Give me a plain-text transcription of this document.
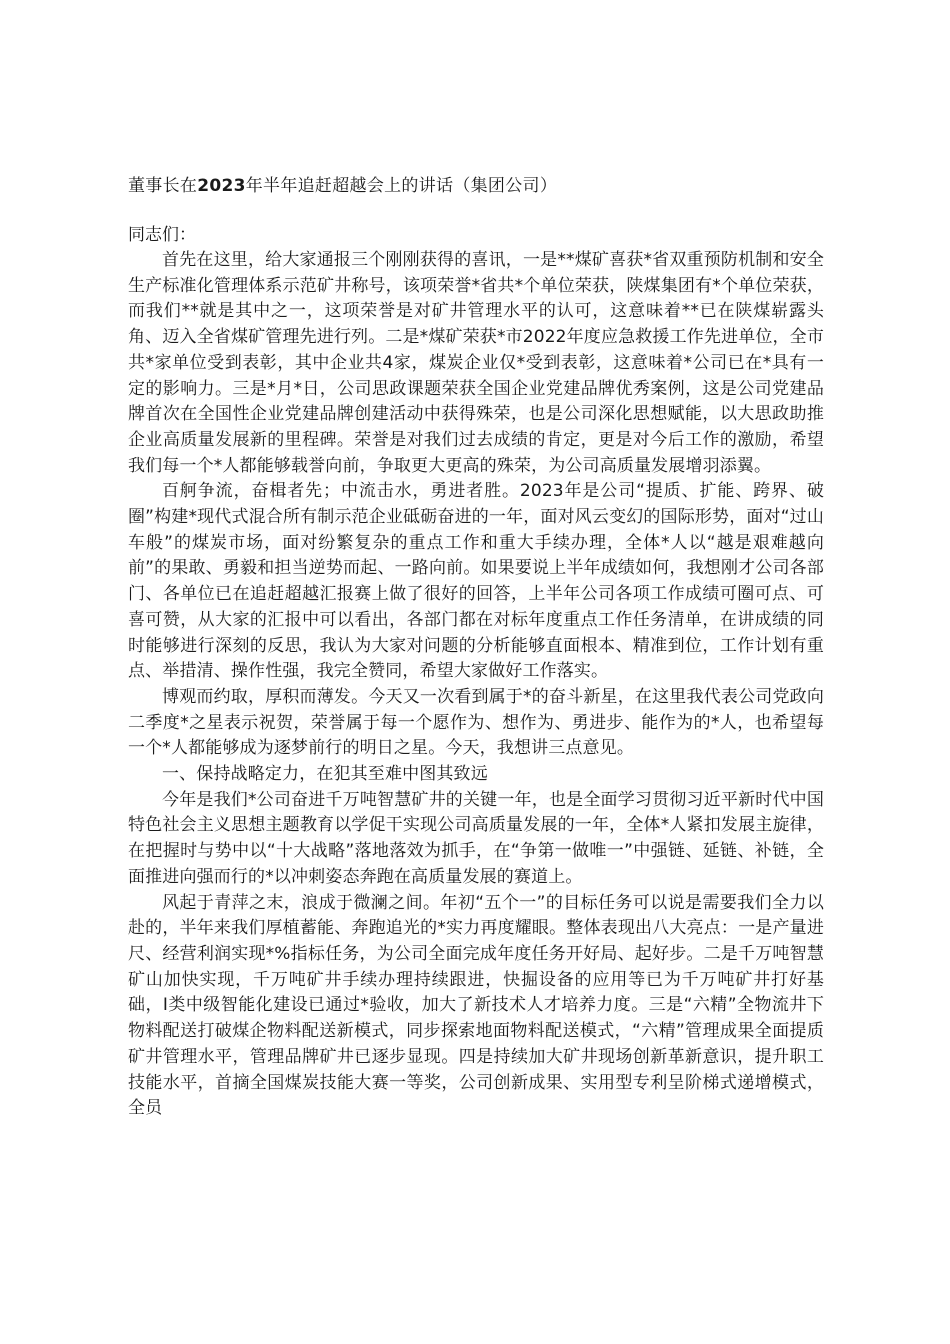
董事长在2023年半年追赶超越会上的讲话（集团公司）
同志们：

首先在这里，给大家通报三个刚刚获得的喜讯，一是**煤矿喜获*省双重预防机制和安全生产标准化管理体系示范矿井称号，该项荣誉*省共*个单位荣获，陕煤集团有*个单位荣获，而我们**就是其中之一，这项荣誉是对矿井管理水平的认可，这意味着**已在陕煤崭露头角、迈入全省煤矿管理先进行列。二是*煤矿荣获*市2022年度应急救援工作先进单位，全市共*家单位受到表彰，其中企业共4家，煤炭企业仅*受到表彰，这意味着*公司已在*具有一定的影响力。三是*月*日，公司思政课题荣获全国企业党建品牌优秀案例，这是公司党建品牌首次在全国性企业党建品牌创建活动中获得殊荣，也是公司深化思想赋能，以大思政助推企业高质量发展新的里程碑。荣誉是对我们过去成绩的肯定，更是对今后工作的激励，希望我们每一个*人都能够载誉向前，争取更大更高的殊荣，为公司高质量发展增羽添翼。

百舸争流，奋楫者先；中流击水，勇进者胜。2023年是公司“提质、扩能、跨界、破圈”构建*现代式混合所有制示范企业砥砺奋进的一年，面对风云变幻的国际形势，面对“过山车般”的煤炭市场，面对纷繁复杂的重点工作和重大手续办理，全体*人以“越是艰难越向前”的果敢、勇毅和担当逆势而起、一路向前。如果要说上半年成绩如何，我想刚才公司各部门、各单位已在追赶超越汇报赛上做了很好的回答，上半年公司各项工作成绩可圈可点、可喜可赞，从大家的汇报中可以看出，各部门都在对标年度重点工作任务清单，在讲成绩的同时能够进行深刻的反思，我认为大家对问题的分析能够直面根本、精准到位，工作计划有重点、举措清、操作性强，我完全赞同，希望大家做好工作落实。

博观而约取，厚积而薄发。今天又一次看到属于*的奋斗新星，在这里我代表公司党政向二季度*之星表示祝贺，荣誉属于每一个愿作为、想作为、勇进步、能作为的*人，也希望每一个*人都能够成为逐梦前行的明日之星。今天，我想讲三点意见。

一、保持战略定力，在犯其至难中图其致远

今年是我们*公司奋进千万吨智慧矿井的关键一年，也是全面学习贯彻习近平新时代中国特色社会主义思想主题教育以学促干实现公司高质量发展的一年，全体*人紧扣发展主旋律，在把握时与势中以“十大战略”落地落效为抓手，在“争第一做唯一”中强链、延链、补链，全面推进向强而行的*以冲刺姿态奔跑在高质量发展的赛道上。

风起于青萍之末，浪成于微澜之间。年初“五个一”的目标任务可以说是需要我们全力以赴的，半年来我们厚植蓄能、奔跑追光的*实力再度耀眼。整体表现出八大亮点：一是产量进尺、经营利润实现*%指标任务，为公司全面完成年度任务开好局、起好步。二是千万吨智慧矿山加快实现，千万吨矿井手续办理持续跟进，快掘设备的应用等已为千万吨矿井打好基础，I类中级智能化建设已通过*验收，加大了新技术人才培养力度。三是“六精”全物流井下物料配送打破煤企物料配送新模式，同步探索地面物料配送模式，“六精”管理成果全面提质矿井管理水平，管理品牌矿井已逐步显现。四是持续加大矿井现场创新革新意识，提升职工技能水平，首摘全国煤炭技能大赛一等奖，公司创新成果、实用型专利呈阶梯式递增模式，全员
